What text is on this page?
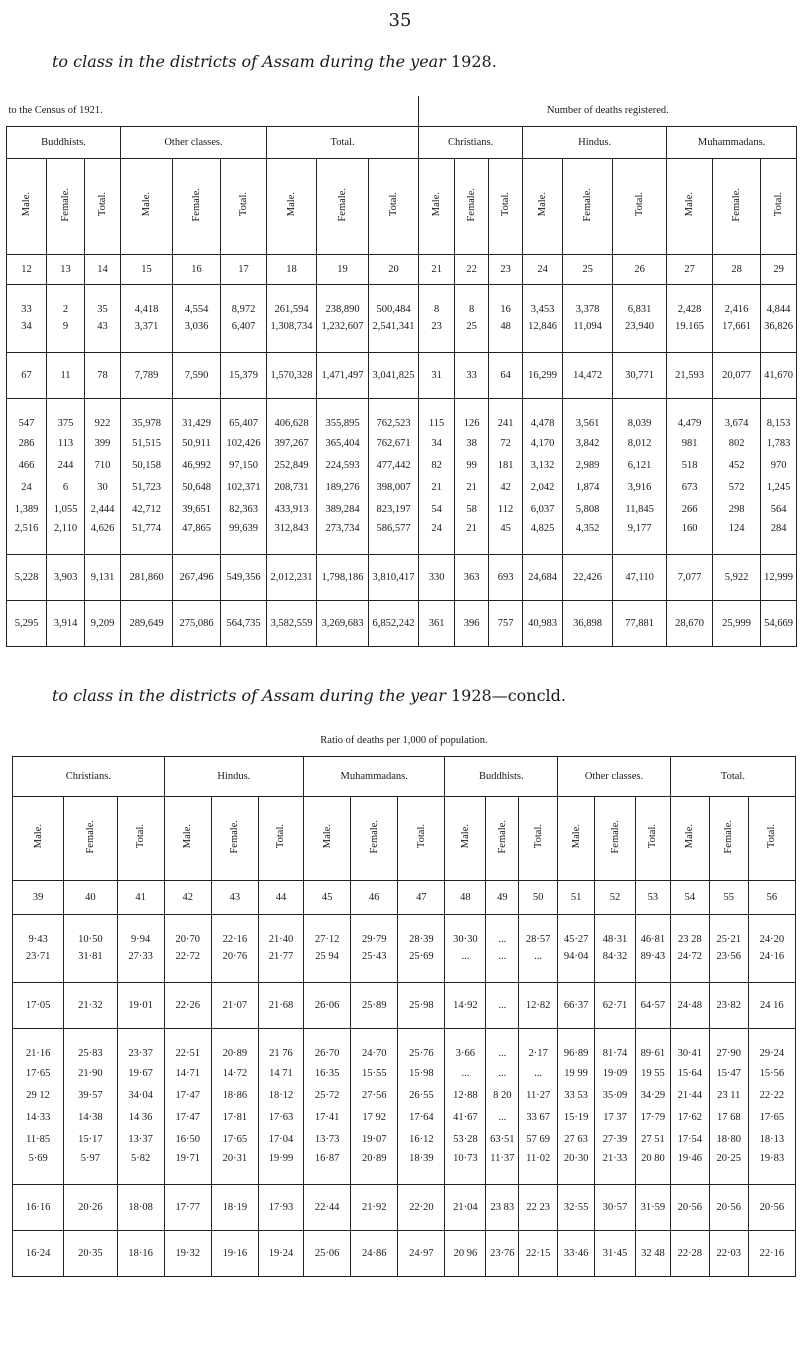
35
to class in the districts of Assam during the year 1928.
to the Census of 1921.									Number of deaths registered.								
Buddhists.			Other classes.			Total.			Christians.			Hindus.			Muhammadans.		
Male.	Female.	Total.	Male.	Female.	Total.	Male.	Female.	Total.	Male.	Female.	Total.	Male.	Female.	Total.	Male.	Female.	Total.
12	13	14	15	16	17	18	19	20	21	22	23	24	25	26	27	28	29
33	2	35	4,418	4,554	8,972	261,594	238,890	500,484	8	8	16	3,453	3,378	6,831	2,428	2,416	4,844
34	9	43	3,371	3,036	6,407	1,308,734	1,232,607	2,541,341	23	25	48	12,846	11,094	23,940	19.165	17,661	36,826
67	11	78	7,789	7,590	15,379	1,570,328	1,471,497	3,041,825	31	33	64	16,299	14,472	30,771	21,593	20,077	41,670
547	375	922	35,978	31,429	65,407	406,628	355,895	762,523	115	126	241	4,478	3,561	8,039	4,479	3,674	8,153
286	113	399	51,515	50,911	102,426	397,267	365,404	762,671	34	38	72	4,170	3,842	8,012	981	802	1,783
466	244	710	50,158	46,992	97,150	252,849	224,593	477,442	82	99	181	3,132	2,989	6,121	518	452	970
24	6	30	51,723	50,648	102,371	208,731	189,276	398,007	21	21	42	2,042	1,874	3,916	673	572	1,245
1,389	1,055	2,444	42,712	39,651	82,363	433,913	389,284	823,197	54	58	112	6,037	5,808	11,845	266	298	564
2,516	2,110	4,626	51,774	47,865	99,639	312,843	273,734	586,577	24	21	45	4,825	4,352	9,177	160	124	284
5,228	3,903	9,131	281,860	267,496	549,356	2,012,231	1,798,186	3,810,417	330	363	693	24,684	22,426	47,110	7,077	5,922	12,999
5,295	3,914	9,209	289,649	275,086	564,735	3,582,559	3,269,683	6,852,242	361	396	757	40,983	36,898	77,881	28,670	25,999	54,669
to class in the districts of Assam during the year 1928—concld.
Ratio of deaths per 1,000 of population.																	
Christians.			Hindus.			Muhammadans.			Buddhists.			Other classes.			Total.		
Male.	Female.	Total.	Male.	Female.	Total.	Male.	Female.	Total.	Male.	Female.	Total.	Male.	Female.	Total.	Male.	Female.	Total.
39	40	41	42	43	44	45	46	47	48	49	50	51	52	53	54	55	56
9·43	10·50	9·94	20·70	22·16	21·40	27·12	29·79	28·39	30·30	...	28·57	45·27	48·31	46·81	23 28	25·21	24·20
23·71	31·81	27·33	22·72	20·76	21·77	25 94	25·43	25·69	...	...	...	94·04	84·32	89·43	24·72	23·56	24·16
17·05	21·32	19·01	22·26	21·07	21·68	26·06	25·89	25·98	14·92	...	12·82	66·37	62·71	64·57	24·48	23·82	24 16
21·16	25·83	23·37	22·51	20·89	21 76	26·70	24·70	25·76	3·66	...	2·17	96·89	81·74	89·61	30·41	27·90	29·24
17·65	21·90	19·67	14·71	14·72	14 71	16·35	15·55	15·98	...	...	...	19 99	19·09	19 55	15·64	15·47	15·56
29 12	39·57	34·04	17·47	18·86	18·12	25·72	27·56	26·55	12·88	8 20	11·27	33 53	35·09	34·29	21·44	23 11	22·22
14·33	14·38	14 36	17·47	17·81	17·63	17·41	17 92	17·64	41·67	...	33 67	15·19	17 37	17·79	17·62	17 68	17·65
11·85	15·17	13·37	16·50	17·65	17·04	13·73	19·07	16·12	53·28	63·51	57 69	27 63	27·39	27 51	17·54	18·80	18·13
5·69	5·97	5·82	19·71	20·31	19·99	16·87	20·89	18·39	10·73	11·37	11·02	20·30	21·33	20 80	19·46	20·25	19·83
16·16	20·26	18·08	17·77	18·19	17·93	22·44	21·92	22·20	21·04	23 83	22 23	32·55	30·57	31·59	20·56	20·56	20·56
16·24	20·35	18·16	19·32	19·16	19·24	25·06	24·86	24·97	20 96	23·76	22·15	33·46	31·45	32 48	22·28	22·03	22·16
